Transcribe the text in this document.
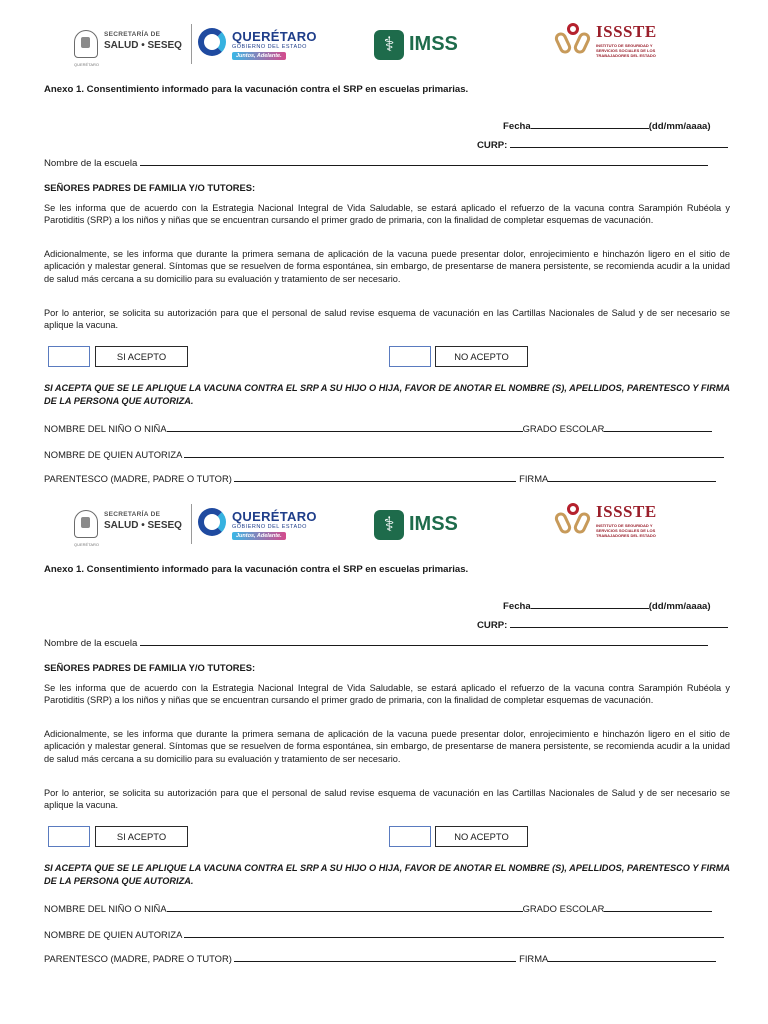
SECRETARÍA DE
SALUD • SESEQ
QUERÉTARO
QUERÉTARO
GOBIERNO DEL ESTADO
Juntos, Adelante.	⚕ IMSS
ISSSTE
INSTITUTO DE SEGURIDAD Y SERVICIOS SOCIALES DE LOS TRABAJADORES DEL ESTADO
Anexo 1. Consentimiento informado para la vacunación contra el SRP en escuelas primarias.
Fecha	(dd/mm/aaaa)
CURP:
Nombre de la escuela
SEÑORES PADRES DE FAMILIA Y/O TUTORES:
Se les informa que de acuerdo con la Estrategia Nacional Integral de Vida Saludable, se estará aplicado el refuerzo de la vacuna contra Sarampión Rubéola y Parotiditis (SRP) a los niños y niñas que se encuentran cursando el primer grado de primaria, con la finalidad de completar esquemas de vacunación.
Adicionalmente, se les informa que durante la primera semana de aplicación de la vacuna puede presentar dolor, enrojecimiento e hinchazón ligero en el sitio de aplicación y malestar general. Síntomas que se resuelven de forma espontánea, sin embargo, de presentarse de manera persistente, se recomienda acudir a la unidad de salud más cercana a su domicilio para su evaluación y tratamiento de ser necesario.
Por lo anterior, se solicita su autorización para que el personal de salud revise esquema de vacunación en las Cartillas Nacionales de Salud y de ser necesario se aplique la vacuna.
SI ACEPTO	NO ACEPTO
SI ACEPTA QUE SE LE APLIQUE LA VACUNA CONTRA EL SRP A SU HIJO O HIJA, FAVOR DE ANOTAR EL NOMBRE (S), APELLIDOS, PARENTESCO Y FIRMA DE LA PERSONA QUE AUTORIZA.
NOMBRE DEL NIÑO O NIÑA	GRADO ESCOLAR
NOMBRE DE QUIEN AUTORIZA
PARENTESCO (MADRE, PADRE O TUTOR)	FIRMA
SECRETARÍA DE
SALUD • SESEQ
QUERÉTARO
QUERÉTARO
GOBIERNO DEL ESTADO
Juntos, Adelante.	⚕ IMSS
ISSSTE
INSTITUTO DE SEGURIDAD Y SERVICIOS SOCIALES DE LOS TRABAJADORES DEL ESTADO
Anexo 1. Consentimiento informado para la vacunación contra el SRP en escuelas primarias.
Fecha	(dd/mm/aaaa)
CURP:
Nombre de la escuela
SEÑORES PADRES DE FAMILIA Y/O TUTORES:
Se les informa que de acuerdo con la Estrategia Nacional Integral de Vida Saludable, se estará aplicado el refuerzo de la vacuna contra Sarampión Rubéola y Parotiditis (SRP) a los niños y niñas que se encuentran cursando el primer grado de primaria, con la finalidad de completar esquemas de vacunación.
Adicionalmente, se les informa que durante la primera semana de aplicación de la vacuna puede presentar dolor, enrojecimiento e hinchazón ligero en el sitio de aplicación y malestar general. Síntomas que se resuelven de forma espontánea, sin embargo, de presentarse de manera persistente, se recomienda acudir a la unidad de salud más cercana a su domicilio para su evaluación y tratamiento de ser necesario.
Por lo anterior, se solicita su autorización para que el personal de salud revise esquema de vacunación en las Cartillas Nacionales de Salud y de ser necesario se aplique la vacuna.
SI ACEPTO	NO ACEPTO
SI ACEPTA QUE SE LE APLIQUE LA VACUNA CONTRA EL SRP A SU HIJO O HIJA, FAVOR DE ANOTAR EL NOMBRE (S), APELLIDOS, PARENTESCO Y FIRMA DE LA PERSONA QUE AUTORIZA.
NOMBRE DEL NIÑO O NIÑA	GRADO ESCOLAR
NOMBRE DE QUIEN AUTORIZA
PARENTESCO (MADRE, PADRE O TUTOR)	FIRMA
